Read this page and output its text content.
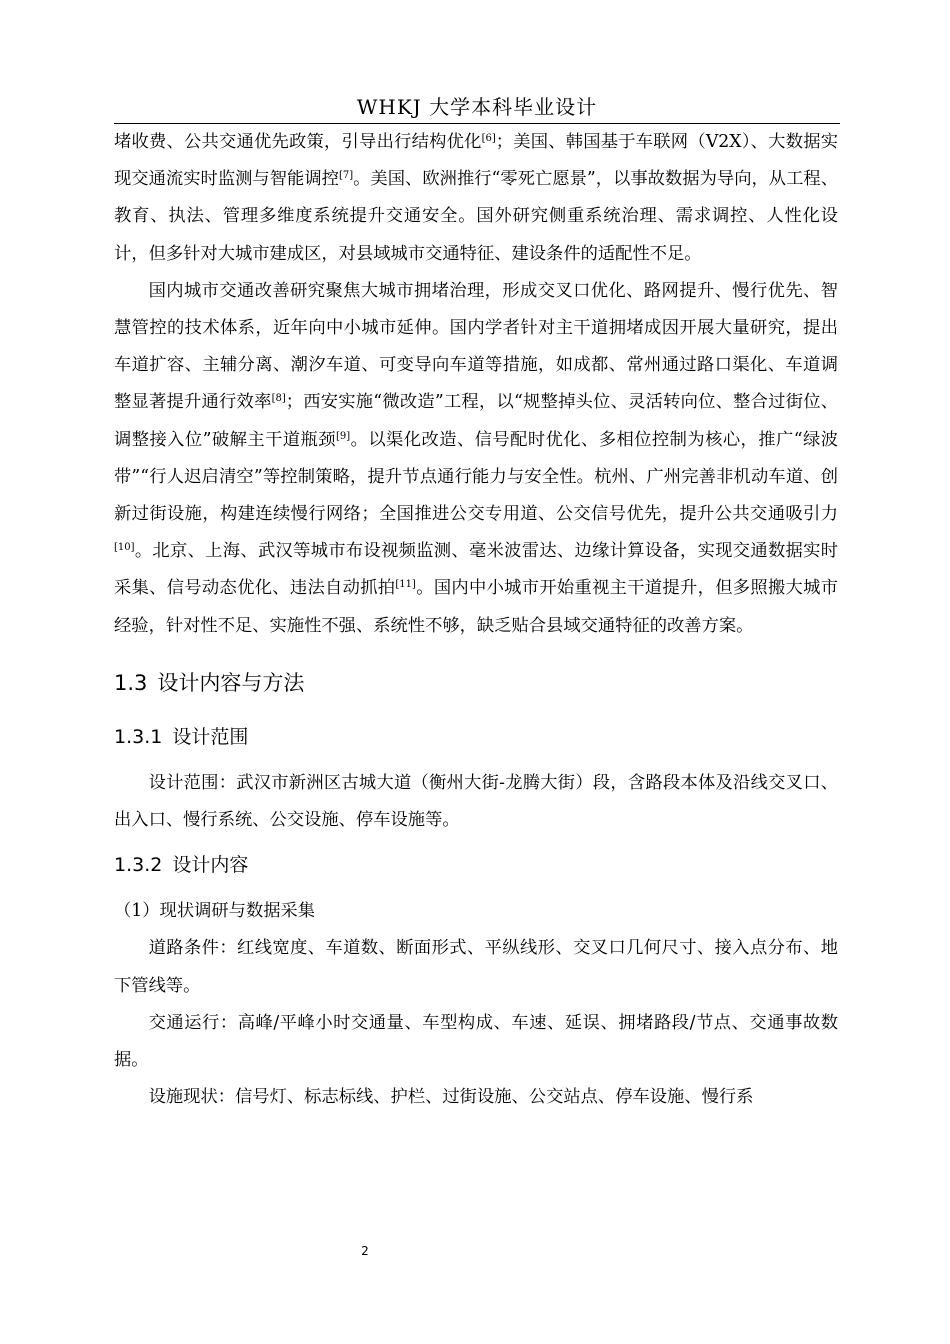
WHKJ 大学本科毕业设计

堵收费、公共交通优先政策，引导出行结构优化[6]；美国、韩国基于车联网（V2X）、大数据实现交通流实时监测与智能调控[7]。美国、欧洲推行“零死亡愿景”，以事故数据为导向，从工程、教育、执法、管理多维度系统提升交通安全。国外研究侧重系统治理、需求调控、人性化设计，但多针对大城市建成区，对县域城市交通特征、建设条件的适配性不足。

国内城市交通改善研究聚焦大城市拥堵治理，形成交叉口优化、路网提升、慢行优先、智慧管控的技术体系，近年向中小城市延伸。国内学者针对主干道拥堵成因开展大量研究，提出车道扩容、主辅分离、潮汐车道、可变导向车道等措施，如成都、常州通过路口渠化、车道调整显著提升通行效率[8]；西安实施“微改造”工程，以“规整掉头位、灵活转向位、整合过街位、调整接入位”破解主干道瓶颈[9]。以渠化改造、信号配时优化、多相位控制为核心，推广“绿波带”“行人迟启清空”等控制策略，提升节点通行能力与安全性。杭州、广州完善非机动车道、创新过街设施，构建连续慢行网络；全国推进公交专用道、公交信号优先，提升公共交通吸引力[10]。北京、上海、武汉等城市布设视频监测、毫米波雷达、边缘计算设备，实现交通数据实时采集、信号动态优化、违法自动抓拍[11]。国内中小城市开始重视主干道提升，但多照搬大城市经验，针对性不足、实施性不强、系统性不够，缺乏贴合县域交通特征的改善方案。

1.3 设计内容与方法
1.3.1 设计范围

设计范围：武汉市新洲区古城大道（衡州大街-龙腾大街）段，含路段本体及沿线交叉口、出入口、慢行系统、公交设施、停车设施等。

1.3.2 设计内容

（1）现状调研与数据采集

道路条件：红线宽度、车道数、断面形式、平纵线形、交叉口几何尺寸、接入点分布、地下管线等。

交通运行：高峰/平峰小时交通量、车型构成、车速、延误、拥堵路段/节点、交通事故数据。

设施现状：信号灯、标志标线、护栏、过街设施、公交站点、停车设施、慢行系

2
